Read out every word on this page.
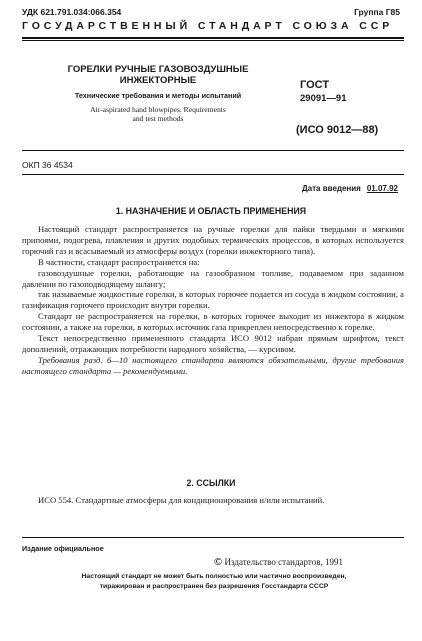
УДК 621.791.034:066.354	Группа Г85
ГОСУДАРСТВЕННЫЙ СТАНДАРТ СОЮЗА ССР
ГОРЕЛКИ РУЧНЫЕ ГАЗОВОЗДУШНЫЕ
ИНЖЕКТОРНЫЕ
Технические требования и методы испытаний
Air-aspirated hand blowpipes. Requirements
and test methods
ГОСТ
29091—91
(ИСО 9012—88)
ОКП 36 4534
Дата введения 01.07.92
1. НАЗНАЧЕНИЕ И ОБЛАСТЬ ПРИМЕНЕНИЯ

Настоящий стандарт распространяется на ручные горелки для пайки твердыми и мягкими припоями, подогрева, плавления и других подобных термических процессов, в которых используется горючий газ и всасываемый из атмосферы воздух (горелки инжекторного типа).

В частности, стандарт распространяется на:

газовоздушные горелки, работающие на газообразном топливе, подаваемом при заданном давлении по газоподводящему шлангу;

так называемые жидкостные горелки, в которых горючее подается из сосуда в жидком состоянии, а газификация горючего происходит внутри горелки.

Стандарт не распространяется на горелки, в которых горючее выходит из инжектора в жидком состоянии, а также на горелки, в которых источник газа прикреплен непосредственно к горелке.

Текст непосредственно примененного стандарта ИСО 9012 набран прямым шрифтом, текст дополнений, отражающих потребности народного хозяйства, — курсивом.

Требования разд. 6—10 настоящего стандарта являются обязательными, другие требования настоящего стандарта — рекомендуемыми.

2. ССЫЛКИ

ИСО 554. Стандартные атмосферы для кондиционирования и/или испытаний.

Издание официальное
© Издательство стандартов, 1991
Настоящий стандарт не может быть полностью или частично воспроизведен,
тиражирован и распространен без разрешения Госстандарта СССР
